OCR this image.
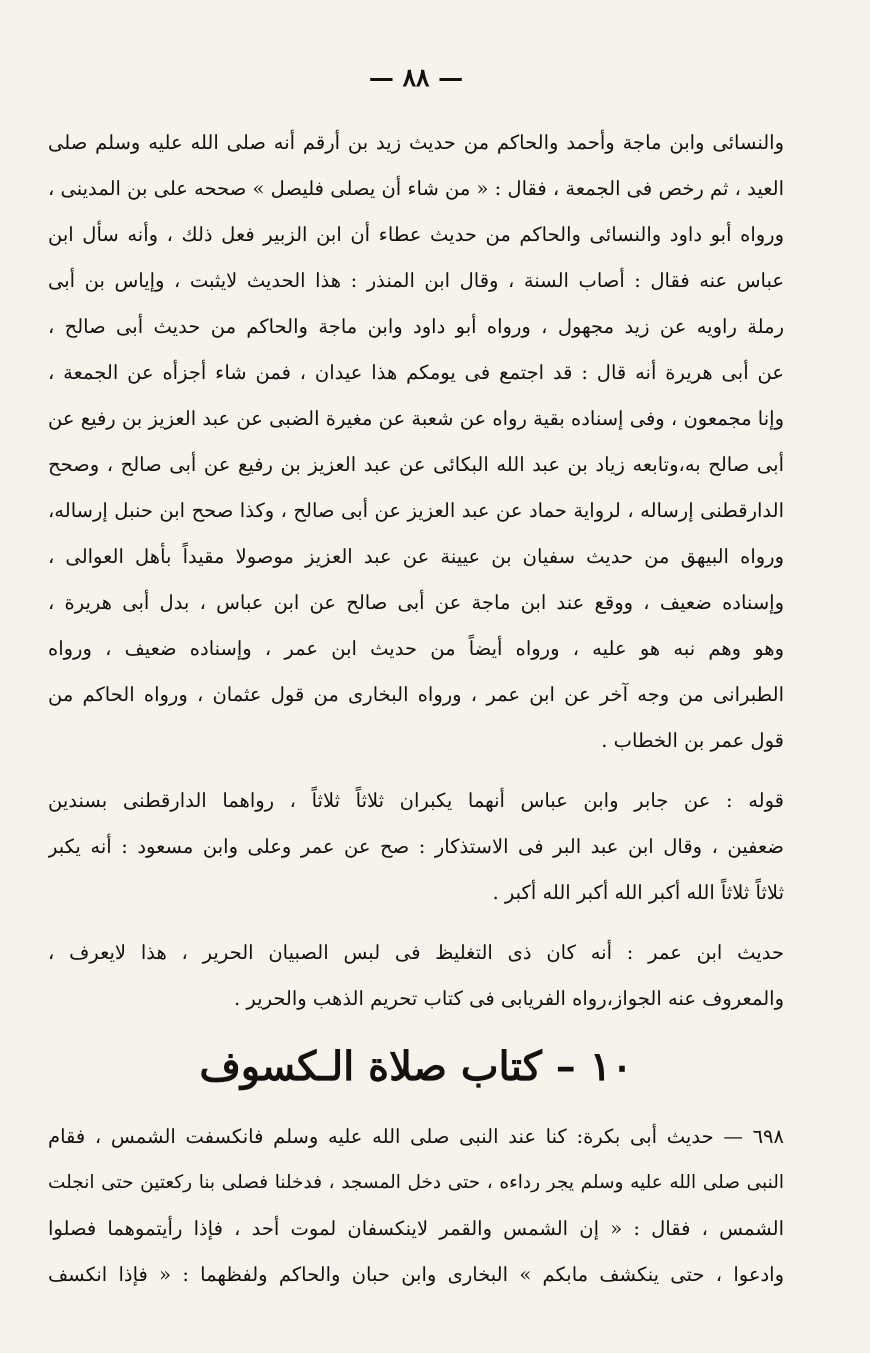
— ٨٨ —
والنسائى وابن ماجة وأحمد والحاكم من حديث زيد بن أرقم أنه صلى الله عليه وسلم صلى
العيد ، ثم رخص فى الجمعة ، فقال : « من شاء أن يصلى فليصل » صححه على بن المدينى ،
ورواه أبو داود والنسائى والحاكم من حديث عطاء أن ابن الزبير فعل ذلك ، وأنه سأل ابن
عباس عنه فقال : أصاب السنة ، وقال ابن المنذر : هذا الحديث لايثبت ، وإياس بن أبى
رملة راويه عن زيد مجهول ، ورواه أبو داود وابن ماجة والحاكم من حديث أبى صالح ،
عن أبى هريرة أنه قال : قد اجتمع فى يومكم هذا عيدان ، فمن شاء أجزأه عن الجمعة ،
وإنا مجمعون ، وفى إسناده بقية رواه عن شعبة عن مغيرة الضبى عن عبد العزيز بن رفيع عن
أبى صالح به،وتابعه زياد بن عبد الله البكائى عن عبد العزيز بن رفيع عن أبى صالح ، وصحح
الدارقطنى إرساله ، لرواية حماد عن عبد العزيز عن أبى صالح ، وكذا صحح ابن حنبل إرساله،
ورواه البيهق من حديث سفيان بن عيينة عن عبد العزيز موصولا مقيداً بأهل العوالى ،
وإسناده ضعيف ، ووقع عند ابن ماجة عن أبى صالح عن ابن عباس ، بدل أبى هريرة ،
وهو وهم نبه هو عليه ، ورواه أيضاً من حديث ابن عمر ، وإسناده ضعيف ، ورواه
الطبرانى من وجه آخر عن ابن عمر ، ورواه البخارى من قول عثمان ، ورواه الحاكم من
قول عمر بن الخطاب .
قوله : عن جابر وابن عباس أنهما يكبران ثلاثاً ثلاثاً ، رواهما الدارقطنى بسندين
ضعفين ، وقال ابن عبد البر فى الاستذكار : صح عن عمر وعلى وابن مسعود : أنه يكبر
ثلاثاً ثلاثاً الله أكبر الله أكبر الله أكبر .
حديث ابن عمر : أنه كان ذى التغليظ فى لبس الصبيان الحرير ، هذا لايعرف ،
والمعروف عنه الجواز،رواه الفريابى فى كتاب تحريم الذهب والحرير .
١٠ – كتاب صلاة الـكسوف
٦٩٨ — حديث أبى بكرة: كنا عند النبى صلى الله عليه وسلم فانكسفت الشمس ، فقام
النبى صلى الله عليه وسلم يجر رداءه ، حتى دخل المسجد ، فدخلنا فصلى بنا ركعتين حتى انجلت
الشمس ، فقال : « إن الشمس والقمر لاينكسفان لموت أحد ، فإذا رأيتموهما فصلوا
وادعوا ، حتى ينكشف مابكم » البخارى وابن حبان والحاكم ولفظهما : « فإذا انكسف
